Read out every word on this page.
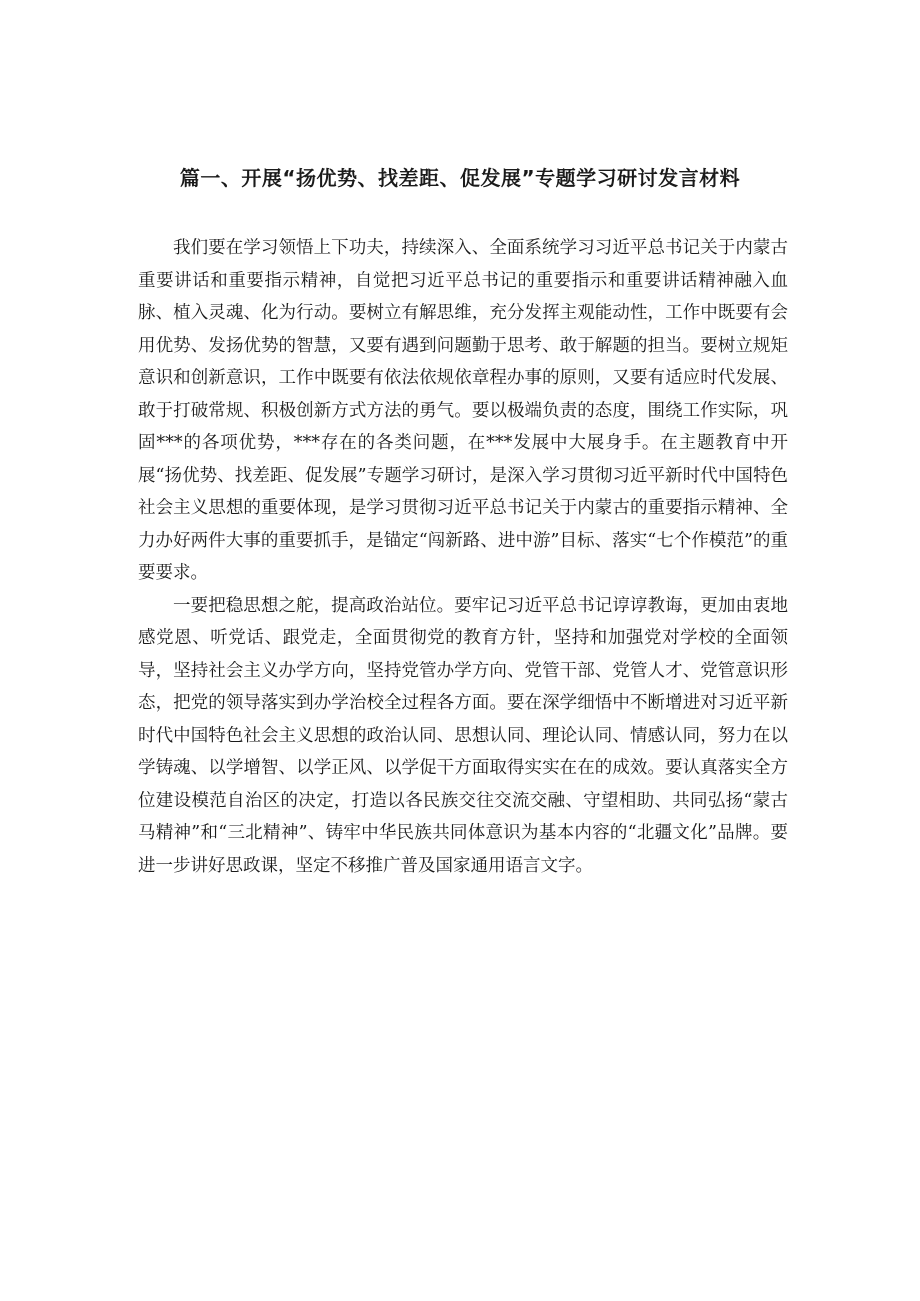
篇一、开展“扬优势、找差距、促发展”专题学习研讨发言材料

我们要在学习领悟上下功夫，持续深入、全面系统学习习近平总书记关于内蒙古重要讲话和重要指示精神，自觉把习近平总书记的重要指示和重要讲话精神融入血脉、植入灵魂、化为行动。要树立有解思维，充分发挥主观能动性，工作中既要有会用优势、发扬优势的智慧，又要有遇到问题勤于思考、敢于解题的担当。要树立规矩意识和创新意识，工作中既要有依法依规依章程办事的原则，又要有适应时代发展、敢于打破常规、积极创新方式方法的勇气。要以极端负责的态度，围绕工作实际，巩固***的各项优势，***存在的各类问题，在***发展中大展身手。在主题教育中开展“扬优势、找差距、促发展”专题学习研讨，是深入学习贯彻习近平新时代中国特色社会主义思想的重要体现，是学习贯彻习近平总书记关于内蒙古的重要指示精神、全力办好两件大事的重要抓手，是锚定“闯新路、进中游”目标、落实“七个作模范”的重要要求。

一要把稳思想之舵，提高政治站位。要牢记习近平总书记谆谆教诲，更加由衷地感党恩、听党话、跟党走，全面贯彻党的教育方针，坚持和加强党对学校的全面领导，坚持社会主义办学方向，坚持党管办学方向、党管干部、党管人才、党管意识形态，把党的领导落实到办学治校全过程各方面。要在深学细悟中不断增进对习近平新时代中国特色社会主义思想的政治认同、思想认同、理论认同、情感认同，努力在以学铸魂、以学增智、以学正风、以学促干方面取得实实在在的成效。要认真落实全方位建设模范自治区的决定，打造以各民族交往交流交融、守望相助、共同弘扬“蒙古马精神”和“三北精神”、铸牢中华民族共同体意识为基本内容的“北疆文化”品牌。要进一步讲好思政课，坚定不移推广普及国家通用语言文字。
